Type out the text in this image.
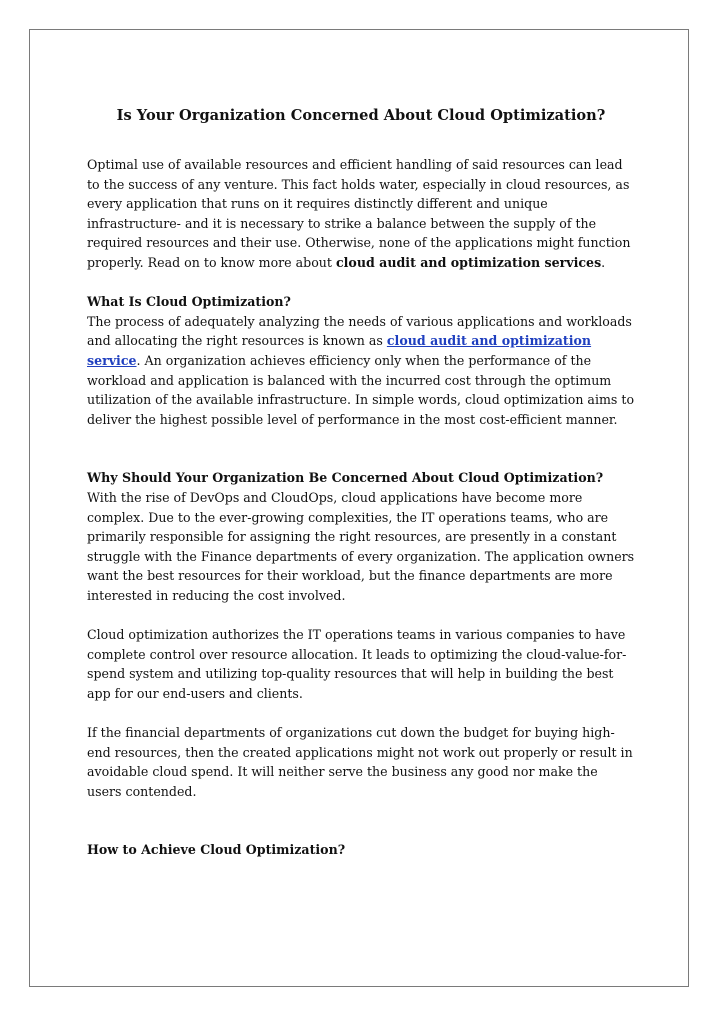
Is Your Organization Concerned About Cloud Optimization?

Optimal use of available resources and efficient handling of said resources can lead to the success of any venture. This fact holds water, especially in cloud resources, as every application that runs on it requires distinctly different and unique infrastructure- and it is necessary to strike a balance between the supply of the required resources and their use. Otherwise, none of the applications might function properly. Read on to know more about cloud audit and optimization services.

What Is Cloud Optimization?
The process of adequately analyzing the needs of various applications and workloads and allocating the right resources is known as cloud audit and optimization service. An organization achieves efficiency only when the performance of the workload and application is balanced with the incurred cost through the optimum utilization of the available infrastructure. In simple words, cloud optimization aims to deliver the highest possible level of performance in the most cost-efficient manner.

Why Should Your Organization Be Concerned About Cloud Optimization?
With the rise of DevOps and CloudOps, cloud applications have become more complex. Due to the ever-growing complexities, the IT operations teams, who are primarily responsible for assigning the right resources, are presently in a constant struggle with the Finance departments of every organization. The application owners want the best resources for their workload, but the finance departments are more interested in reducing the cost involved.

Cloud optimization authorizes the IT operations teams in various companies to have complete control over resource allocation. It leads to optimizing the cloud-value-for-spend system and utilizing top-quality resources that will help in building the best app for our end-users and clients.

If the financial departments of organizations cut down the budget for buying high-end resources, then the created applications might not work out properly or result in avoidable cloud spend. It will neither serve the business any good nor make the users contended.

How to Achieve Cloud Optimization?
